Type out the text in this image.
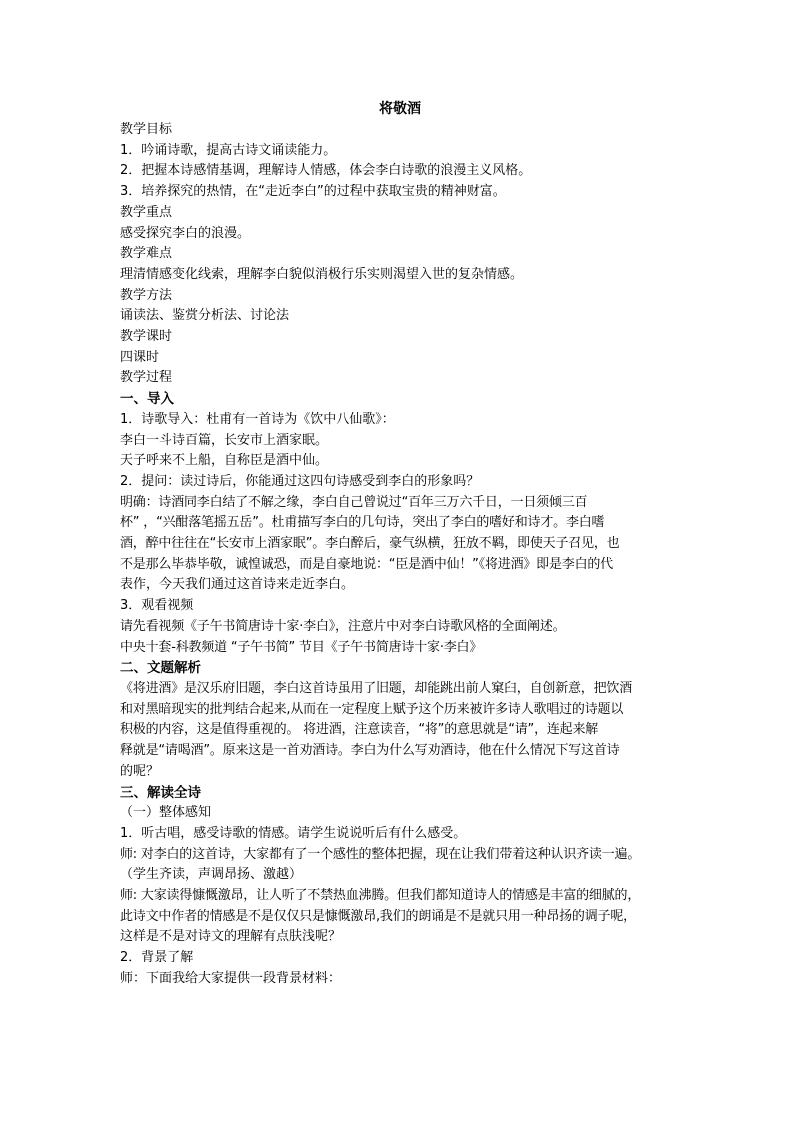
将敬酒
教学目标
1．吟诵诗歌，提高古诗文诵读能力。
2．把握本诗感情基调，理解诗人情感，体会李白诗歌的浪漫主义风格。
3．培养探究的热情，在“走近李白”的过程中获取宝贵的精神财富。
教学重点
感受探究李白的浪漫。
教学难点
理清情感变化线索，理解李白貌似消极行乐实则渴望入世的复杂情感。
教学方法
诵读法、鉴赏分析法、讨论法
教学课时
四课时
教学过程
一、导入
1．诗歌导入：杜甫有一首诗为《饮中八仙歌》：
李白一斗诗百篇，长安市上酒家眠。
天子呼来不上船，自称臣是酒中仙。
2．提问：读过诗后，你能通过这四句诗感受到李白的形象吗？
明确：诗酒同李白结了不解之缘，李白自己曾说过“百年三万六千日，一日须倾三百
杯” ，“兴酣落笔摇五岳”。杜甫描写李白的几句诗，突出了李白的嗜好和诗才。李白嗜
酒，醉中往往在“长安市上酒家眠”。李白醉后，豪气纵横，狂放不羁，即使天子召见，也
不是那么毕恭毕敬，诚惶诚恐，而是自豪地说：“臣是酒中仙！”《将进酒》即是李白的代
表作，今天我们通过这首诗来走近李白。
3．观看视频
请先看视频《子午书简唐诗十家·李白》，注意片中对李白诗歌风格的全面阐述。
中央十套-科教频道 “子午书简” 节目《子午书简唐诗十家·李白》
二、文题解析
《将进酒》是汉乐府旧题，李白这首诗虽用了旧题，却能跳出前人窠臼，自创新意，把饮酒
和对黑暗现实的批判结合起来,从而在一定程度上赋予这个历来被许多诗人歌唱过的诗题以
积极的内容，这是值得重视的。 将进酒，注意读音，“将”的意思就是“请”，连起来解
释就是“请喝酒”。原来这是一首劝酒诗。李白为什么写劝酒诗，他在什么情况下写这首诗
的呢？
三、解读全诗
（一）整体感知
1．听古唱，感受诗歌的情感。请学生说说听后有什么感受。
师: 对李白的这首诗，大家都有了一个感性的整体把握，现在让我们带着这种认识齐读一遍。
（学生齐读，声调昂扬、激越）
师: 大家读得慷慨激昂，让人听了不禁热血沸腾。但我们都知道诗人的情感是丰富的细腻的，
此诗文中作者的情感是不是仅仅只是慷慨激昂,我们的朗诵是不是就只用一种昂扬的调子呢，
这样是不是对诗文的理解有点肤浅呢？
2．背景了解
师：下面我给大家提供一段背景材料：
